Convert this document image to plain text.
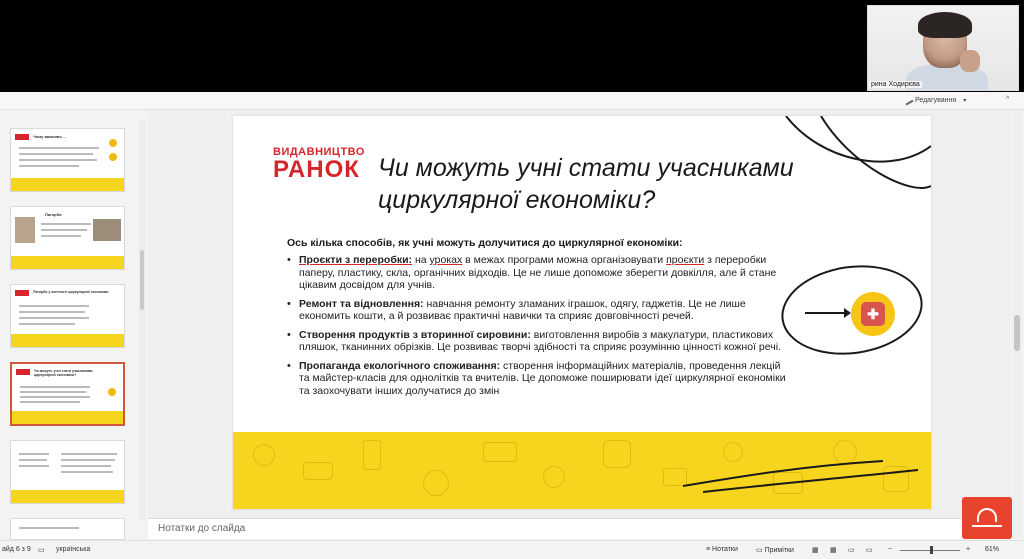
рина Ходирєва
Редагування ▾	^
Чому важливо ...
Пагорби
Пагорби у контексті циркулярної економіки
Чи можуть учні стати учасниками циркулярної економіки?
ВИДАВНИЦТВО
РАНОК Чи можуть учні стати учасниками
циркулярної економіки?
Ось кілька способів, як учні можуть долучитися до циркулярної економіки:
• Проєкти з переробки: на уроках в межах програми можна організовувати проєкти з переробки паперу, пластику, скла, органічних відходів. Це не лише допоможе зберегти довкілля, але й стане цікавим досвідом для учнів.
• Ремонт та відновлення: навчання ремонту зламаних іграшок, одягу, гаджетів. Це не лише економить кошти, а й розвиває практичні навички та сприяє довговічності речей.
• Створення продуктів з вторинної сировини: виготовлення виробів з макулатури, пластикових пляшок, тканинних обрізків. Це розвиває творчі здібності та сприяє розумінню цінності кожної речі.
• Пропаганда екологічного споживання: створення інформаційних матеріалів, проведення лекцій та майстер-класів для однолітків та вчителів. Це допоможе поширювати ідеї циркулярної економіки та заохочувати інших долучатися до змін
✚
Нотатки до слайда
айд 6 з 9 ▭ українська	≡ Нотатки	▭ Примітки	▦ ▦ ▭ ▭ −	+ 61%
